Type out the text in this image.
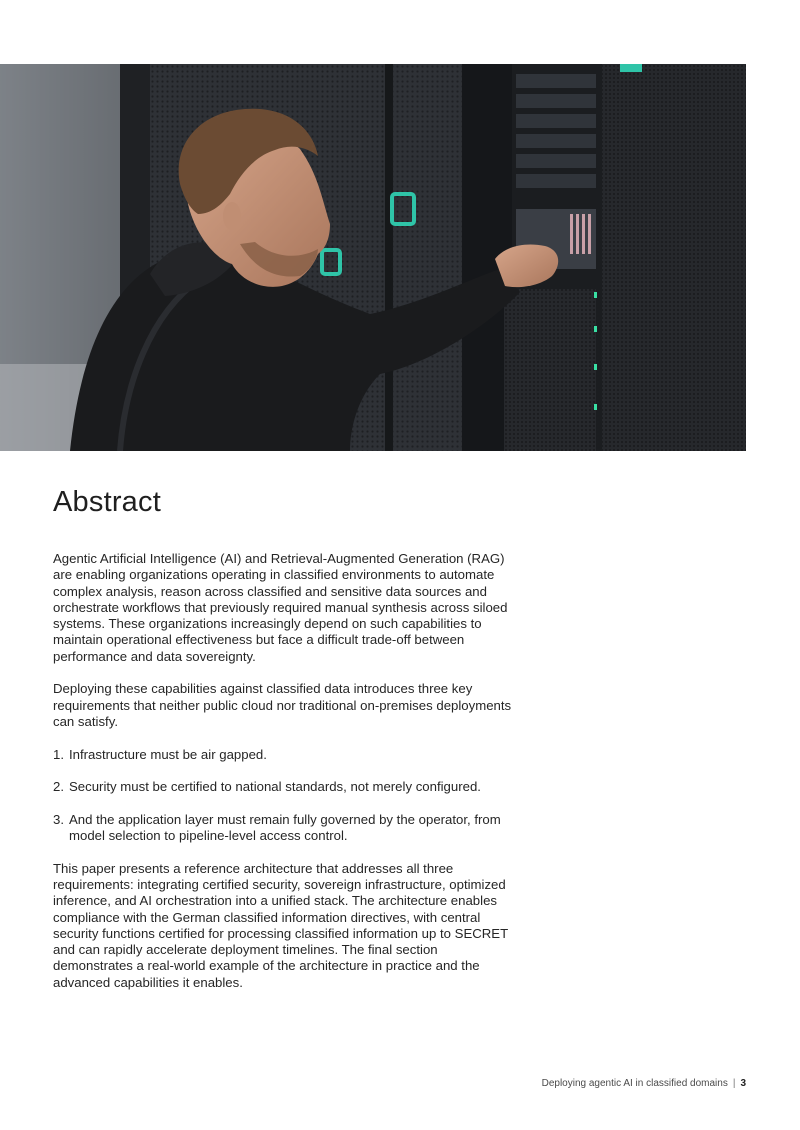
Abstract

Agentic Artificial Intelligence (AI) and Retrieval-Augmented Generation (RAG) are enabling organizations operating in classified environments to automate complex analysis, reason across classified and sensitive data sources and orchestrate workflows that previously required manual synthesis across siloed systems. These organizations increasingly depend on such capabilities to maintain operational effectiveness but face a difficult trade-off between performance and data sovereignty.

Deploying these capabilities against classified data introduces three key requirements that neither public cloud nor traditional on-premises deployments can satisfy.

1. Infrastructure must be air gapped.
2. Security must be certified to national standards, not merely configured.
3. And the application layer must remain fully governed by the operator, from model selection to pipeline-level access control.

This paper presents a reference architecture that addresses all three requirements: integrating certified security, sovereign infrastructure, optimized inference, and AI orchestration into a unified stack. The architecture enables compliance with the German classified information directives, with central security functions certified for processing classified information up to SECRET and can rapidly accelerate deployment timelines. The final section demonstrates a real-world example of the architecture in practice and the advanced capabilities it enables.

Deploying agentic AI in classified domains | 3
